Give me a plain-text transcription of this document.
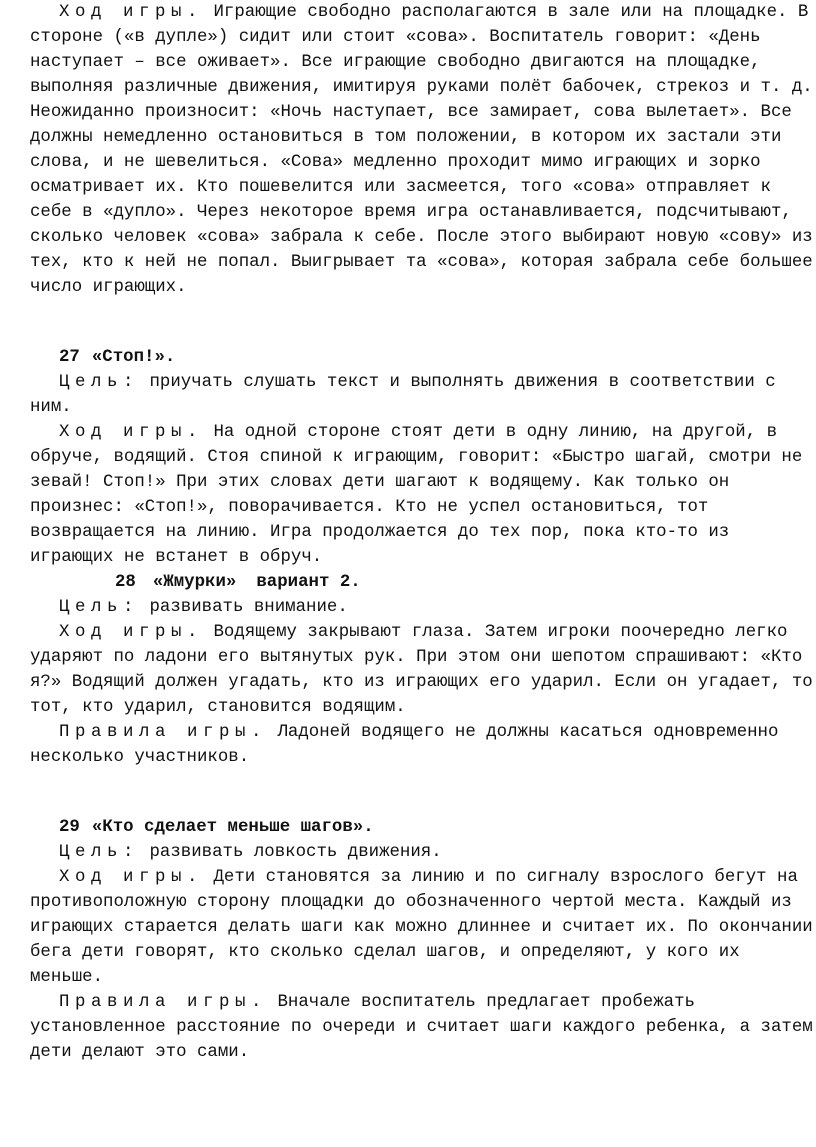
Ход игры. Играющие свободно располагаются в зале или на площадке. В стороне («в дупле») сидит или стоит «сова». Воспитатель говорит: «День наступает – все оживает». Все играющие свободно двигаются на площадке, выполняя различные движения, имитируя руками полёт бабочек, стрекоз и т. д. Неожиданно произносит: «Ночь наступает, все замирает, сова вылетает». Все должны немедленно остановиться в том положении, в котором их застали эти слова, и не шевелиться. «Сова» медленно проходит мимо играющих и зорко осматривает их. Кто пошевелится или засмеется, того «сова» отправляет к себе в «дупло». Через некоторое время игра останавливается, подсчитывают, сколько человек «сова» забрала к себе. После этого выбирают новую «сову» из тех, кто к ней не попал. Выигрывает та «сова», которая забрала себе большее число играющих.

27 «Стоп!».

Цель: приучать слушать текст и выполнять движения в соответствии с ним.

Ход игры. На одной стороне стоят дети в одну линию, на другой, в обруче, водящий. Стоя спиной к играющим, говорит: «Быстро шагай, смотри не зевай! Стоп!» При этих словах дети шагают к водящему. Как только он произнес: «Стоп!», поворачивается. Кто не успел остановиться, тот возвращается на линию. Игра продолжается до тех пор, пока кто-то из играющих не встанет в обруч.

28 «Жмурки» вариант 2.

Цель: развивать внимание.

Ход игры. Водящему закрывают глаза. Затем игроки поочередно легко ударяют по ладони его вытянутых рук. При этом они шепотом спрашивают: «Кто я?» Водящий должен угадать, кто из играющих его ударил. Если он угадает, то тот, кто ударил, становится водящим.

Правила игры. Ладоней водящего не должны касаться одновременно несколько участников.

29 «Кто сделает меньше шагов».

Цель: развивать ловкость движения.

Ход игры. Дети становятся за линию и по сигналу взрослого бегут на противоположную сторону площадки до обозначенного чертой места. Каждый из играющих старается делать шаги как можно длиннее и считает их. По окончании бега дети говорят, кто сколько сделал шагов, и определяют, у кого их меньше.

Правила игры. Вначале воспитатель предлагает пробежать установленное расстояние по очереди и считает шаги каждого ребенка, а затем дети делают это сами.
